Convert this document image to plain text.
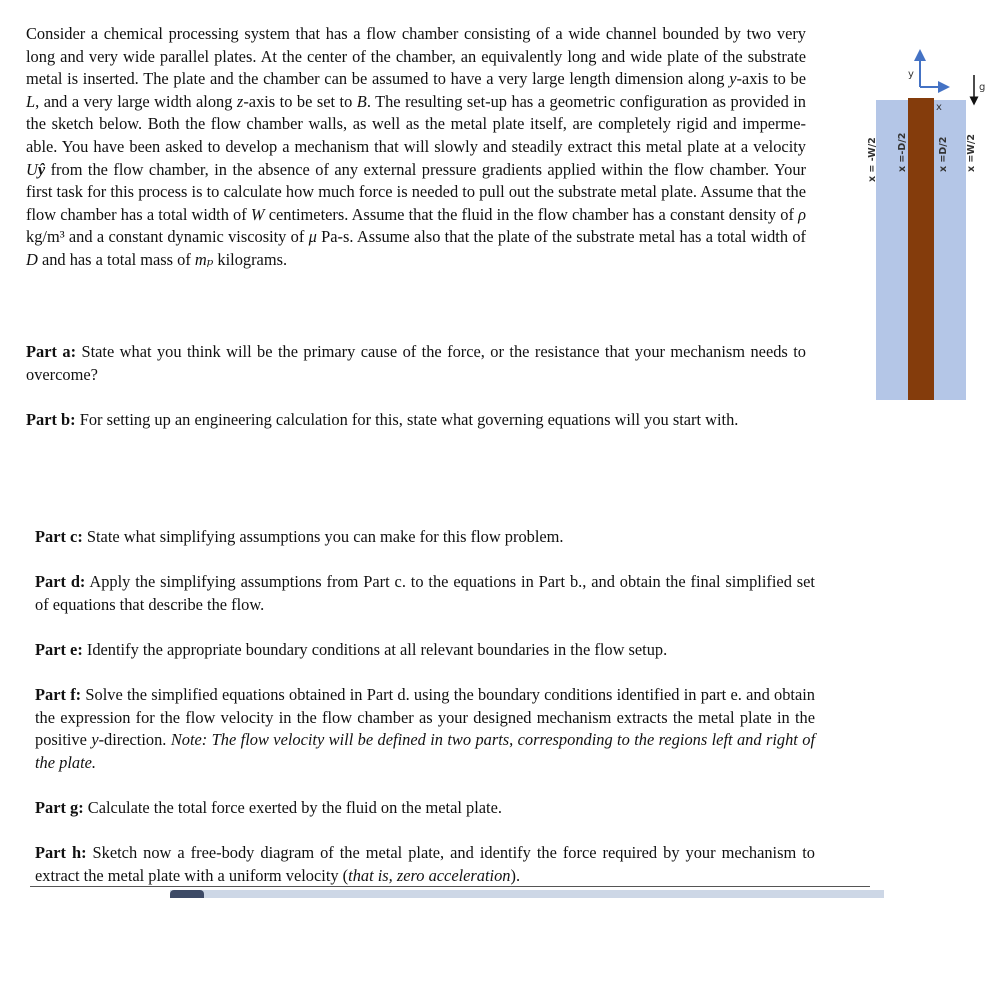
Consider a chemical processing system that has a flow chamber consisting of a wide channel bounded by two very long and very wide parallel plates. At the center of the chamber, an equivalently long and wide plate of the substrate metal is inserted. The plate and the chamber can be assumed to have a very large length dimension along y-axis to be L, and a very large width along z-axis to be set to B. The resulting set-up has a geometric configuration as provided in the sketch below. Both the flow chamber walls, as well as the metal plate itself, are completely rigid and imperme-able. You have been asked to develop a mechanism that will slowly and steadily extract this metal plate at a velocity Uŷ from the flow chamber, in the absence of any external pressure gradients applied within the flow chamber. Your first task for this process is to calculate how much force is needed to pull out the substrate metal plate. Assume that the flow chamber has a total width of W centimeters. Assume that the fluid in the flow chamber has a constant density of ρ kg/m³ and a constant dynamic viscosity of μ Pa-s. Assume also that the plate of the substrate metal has a total width of D and has a total mass of mₚ kilograms.

Part a: State what you think will be the primary cause of the force, or the resistance that your mechanism needs to overcome?

Part b: For setting up an engineering calculation for this, state what governing equations will you start with.

Part c: State what simplifying assumptions you can make for this flow problem.

Part d: Apply the simplifying assumptions from Part c. to the equations in Part b., and obtain the final simplified set of equations that describe the flow.

Part e: Identify the appropriate boundary conditions at all relevant boundaries in the flow setup.

Part f: Solve the simplified equations obtained in Part d. using the boundary conditions identified in part e. and obtain the expression for the flow velocity in the flow chamber as your designed mechanism extracts the metal plate in the positive y-direction. Note: The flow velocity will be defined in two parts, corresponding to the regions left and right of the plate.

Part g: Calculate the total force exerted by the fluid on the metal plate.

Part h: Sketch now a free-body diagram of the metal plate, and identify the force required by your mechanism to extract the metal plate with a uniform velocity (that is, zero acceleration).

y
x
g
x = -W/2 x =-D/2	x =D/2 x =W/2
